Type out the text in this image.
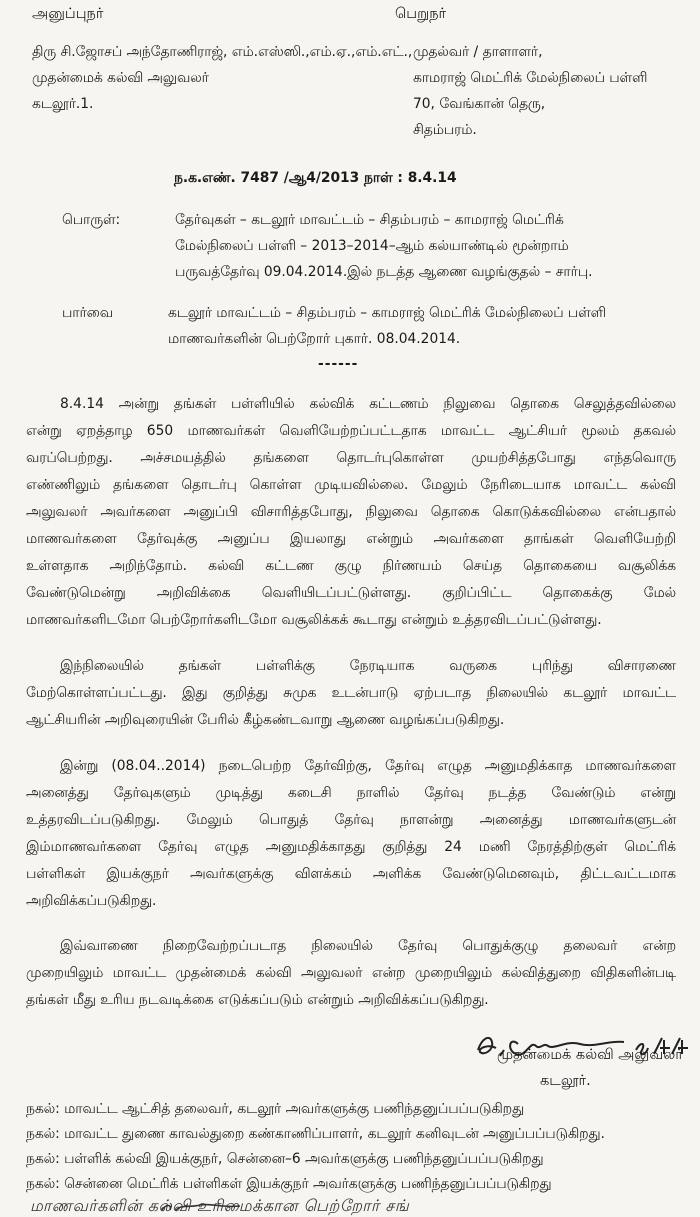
அனுப்புநர்	பெறுநர்
திரு சி.ஜோசப் அந்தோணிராஜ், எம்.எஸ்ஸி.,எம்.ஏ.,எம்.எட்.,
முதன்மைக் கல்வி அலுவலர்
கடலூர்.1.
முதல்வர் / தாளாளர்,
காமராஜ் மெட்ரிக் மேல்நிலைப் பள்ளி
70, வேங்கான் தெரு,
சிதம்பரம்.
ந.க.எண். 7487 /ஆ4/2013 நாள் : 8.4.14
பொருள்:	தேர்வுகள் – கடலூர் மாவட்டம் – சிதம்பரம் – காமராஜ் மெட்ரிக்
மேல்நிலைப் பள்ளி – 2013–2014–ஆம் கல்யாண்டில் மூன்றாம்
பருவத்தேர்வு 09.04.2014.இல் நடத்த ஆணை வழங்குதல் – சார்பு.
பார்வை	கடலூர் மாவட்டம் – சிதம்பரம் – காமராஜ் மெட்ரிக் மேல்நிலைப் பள்ளி
மாணவர்களின் பெற்றோர் புகார். 08.04.2014.
------
8.4.14 அன்று தங்கள் பள்ளியில் கல்விக் கட்டணம் நிலுவை தொகை செலுத்தவில்லை
என்று ஏறத்தாழ 650 மாணவர்கள் வெளியேற்றப்பட்டதாக மாவட்ட ஆட்சியர் மூலம் தகவல்
வரப்பெற்றது. அச்சமயத்தில் தங்களை தொடர்புகொள்ள முயற்சித்தபோது எந்தவொரு
எண்ணிலும் தங்களை தொடர்பு கொள்ள முடியவில்லை. மேலும் நேரிடையாக மாவட்ட கல்வி
அலுவலர் அவர்களை அனுப்பி விசாரித்தபோது, நிலுவை தொகை கொடுக்கவில்லை என்பதால்
மாணவர்களை தேர்வுக்கு அனுப்ப இயலாது என்றும் அவர்களை தாங்கள் வெளியேற்றி
உள்ளதாக அறிந்தோம். கல்வி கட்டண குழு நிர்ணயம் செய்த தொகையை வசூலிக்க
வேண்டுமென்று அறிவிக்கை வெளியிடப்பட்டுள்ளது. குறிப்பிட்ட தொகைக்கு மேல்
மாணவர்களிடமோ பெற்றோர்களிடமோ வசூலிக்கக் கூடாது என்றும் உத்தரவிடப்பட்டுள்ளது.
இந்நிலையில் தங்கள் பள்ளிக்கு நேரடியாக வருகை புரிந்து விசாரணை
மேற்கொள்ளப்பட்டது. இது குறித்து சுமுக உடன்பாடு ஏற்படாத நிலையில் கடலூர் மாவட்ட
ஆட்சியரின் அறிவுரையின் பேரில் கீழ்கண்டவாறு ஆணை வழங்கப்படுகிறது.
இன்று (08.04..2014) நடைபெற்ற தேர்விற்கு, தேர்வு எழுத அனுமதிக்காத மாணவர்களை
அனைத்து தேர்வுகளும் முடித்து கடைசி நாளில் தேர்வு நடத்த வேண்டும் என்று
உத்தரவிடப்படுகிறது. மேலும் பொதுத் தேர்வு நாளன்று அனைத்து மாணவர்களுடன்
இம்மாணவர்களை தேர்வு எழுத அனுமதிக்காதது குறித்து 24 மணி நேரத்திற்குள் மெட்ரிக்
பள்ளிகள் இயக்குநர் அவர்களுக்கு விளக்கம் அளிக்க வேண்டுமெனவும், திட்டவட்டமாக
அறிவிக்கப்படுகிறது.
இவ்வாணை நிறைவேற்றப்படாத நிலையில் தேர்வு பொதுக்குழு தலைவர் என்ற
முறையிலும் மாவட்ட முதன்மைக் கல்வி அலுவலர் என்ற முறையிலும் கல்வித்துறை விதிகளின்படி
தங்கள் மீது உரிய நடவடிக்கை எடுக்கப்படும் என்றும் அறிவிக்கப்படுகிறது.
முதன்மைக் கல்வி அலுவலர்
கடலூர்.
நகல்: மாவட்ட ஆட்சித் தலைவர், கடலூர் அவர்களுக்கு பணிந்தனுப்பப்படுகிறது
நகல்: மாவட்ட துணை காவல்துறை கண்காணிப்பாளர், கடலூர் கனிவுடன் அனுப்பப்படுகிறது.
நகல்: பள்ளிக் கல்வி இயக்குநர், சென்னை–6 அவர்களுக்கு பணிந்தனுப்பப்படுகிறது
நகல்: சென்னை மெட்ரிக் பள்ளிகள் இயக்குநர் அவர்களுக்கு பணிந்தனுப்பப்படுகிறது
மாணவர்களின் கல்வி உரிமைக்கான பெற்றோர் சங்
